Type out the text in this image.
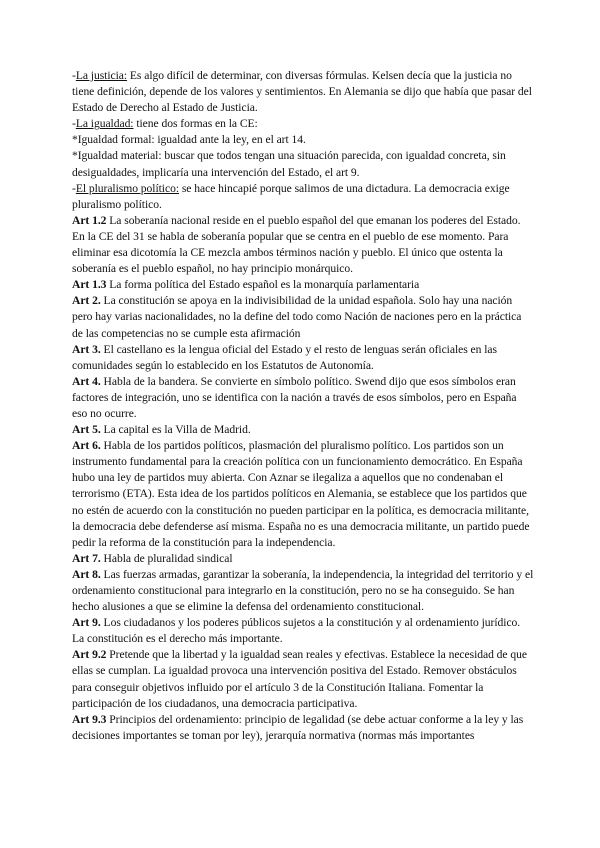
-La justicia: Es algo difícil de determinar, con diversas fórmulas. Kelsen decía que la justicia no tiene definición, depende de los valores y sentimientos. En Alemania se dijo que había que pasar del Estado de Derecho al Estado de Justicia.

-La igualdad: tiene dos formas en la CE:

*Igualdad formal: igualdad ante la ley, en el art 14.

*Igualdad material: buscar que todos tengan una situación parecida, con igualdad concreta, sin desigualdades, implicaría una intervención del Estado, el art 9.

-El pluralismo político: se hace hincapié porque salimos de una dictadura. La democracia exige pluralismo político.

Art 1.2 La soberanía nacional reside en el pueblo español del que emanan los poderes del Estado. En la CE del 31 se habla de soberanía popular que se centra en el pueblo de ese momento. Para eliminar esa dicotomía la CE mezcla ambos términos nación y pueblo. El único que ostenta la soberanía es el pueblo español, no hay principio monárquico.

Art 1.3 La forma política del Estado español es la monarquía parlamentaria

Art 2. La constitución se apoya en la indivisibilidad de la unidad española. Solo hay una nación pero hay varias nacionalidades, no la define del todo como Nación de naciones pero en la práctica de las competencias no se cumple esta afirmación

Art 3. El castellano es la lengua oficial del Estado y el resto de lenguas serán oficiales en las comunidades según lo establecido en los Estatutos de Autonomía.

Art 4. Habla de la bandera. Se convierte en símbolo político. Swend dijo que esos símbolos eran factores de integración, uno se identifica con la nación a través de esos símbolos, pero en España eso no ocurre.

Art 5. La capital es la Villa de Madrid.

Art 6. Habla de los partidos políticos, plasmación del pluralismo político. Los partidos son un instrumento fundamental para la creación política con un funcionamiento democrático. En España hubo una ley de partidos muy abierta. Con Aznar se ilegaliza a aquellos que no condenaban el terrorismo (ETA). Esta idea de los partidos políticos en Alemania, se establece que los partidos que no estén de acuerdo con la constitución no pueden participar en la política, es democracia militante, la democracia debe defenderse así misma. España no es una democracia militante, un partido puede pedir la reforma de la constitución para la independencia.

Art 7. Habla de pluralidad sindical

Art 8. Las fuerzas armadas, garantizar la soberanía, la independencia, la integridad del territorio y el ordenamiento constitucional para integrarlo en la constitución, pero no se ha conseguido. Se han hecho alusiones a que se elimine la defensa del ordenamiento constitucional.

Art 9. Los ciudadanos y los poderes públicos sujetos a la constitución y al ordenamiento jurídico. La constitución es el derecho más importante.

Art 9.2 Pretende que la libertad y la igualdad sean reales y efectivas. Establece la necesidad de que ellas se cumplan. La igualdad provoca una intervención positiva del Estado. Remover obstáculos para conseguir objetivos influido por el artículo 3 de la Constitución Italiana. Fomentar la participación de los ciudadanos, una democracia participativa.

Art 9.3 Principios del ordenamiento: principio de legalidad (se debe actuar conforme a la ley y las decisiones importantes se toman por ley), jerarquía normativa (normas más importantes
